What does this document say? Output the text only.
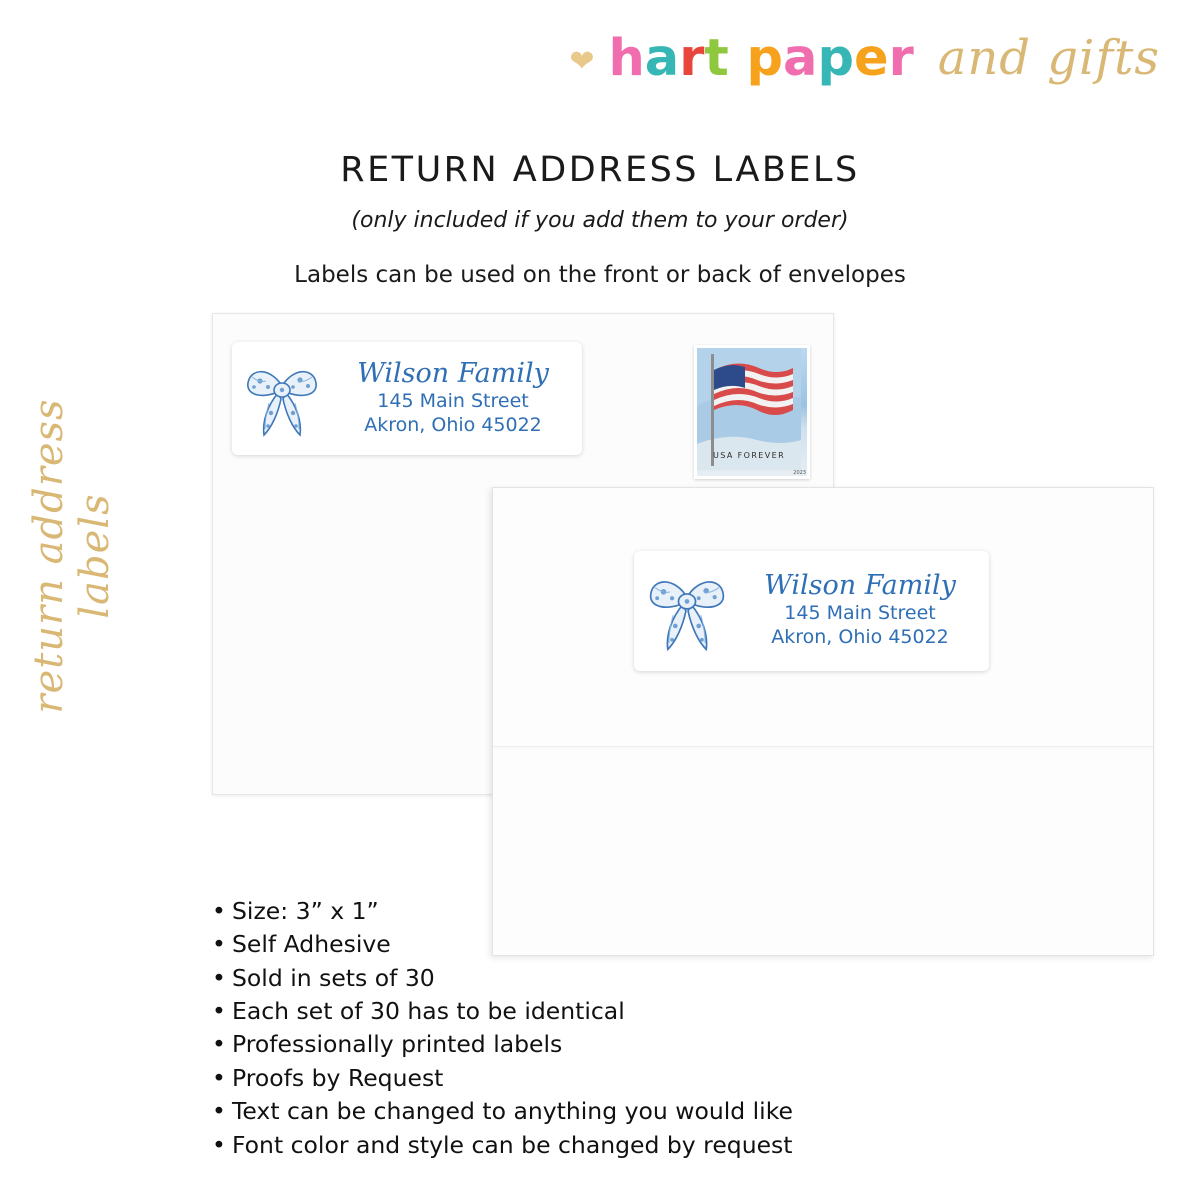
❤ hart paper and gifts
RETURN ADDRESS LABELS
(only included if you add them to your order)
Labels can be used on the front or back of envelopes
return address labels
USA FOREVER
2023
Wilson Family
145 Main Street
Akron, Ohio 45022
Wilson Family
145 Main Street
Akron, Ohio 45022
• Size: 3” x 1”
• Self Adhesive
• Sold in sets of 30
• Each set of 30 has to be identical
• Professionally printed labels
• Proofs by Request
• Text can be changed to anything you would like
• Font color and style can be changed by request
